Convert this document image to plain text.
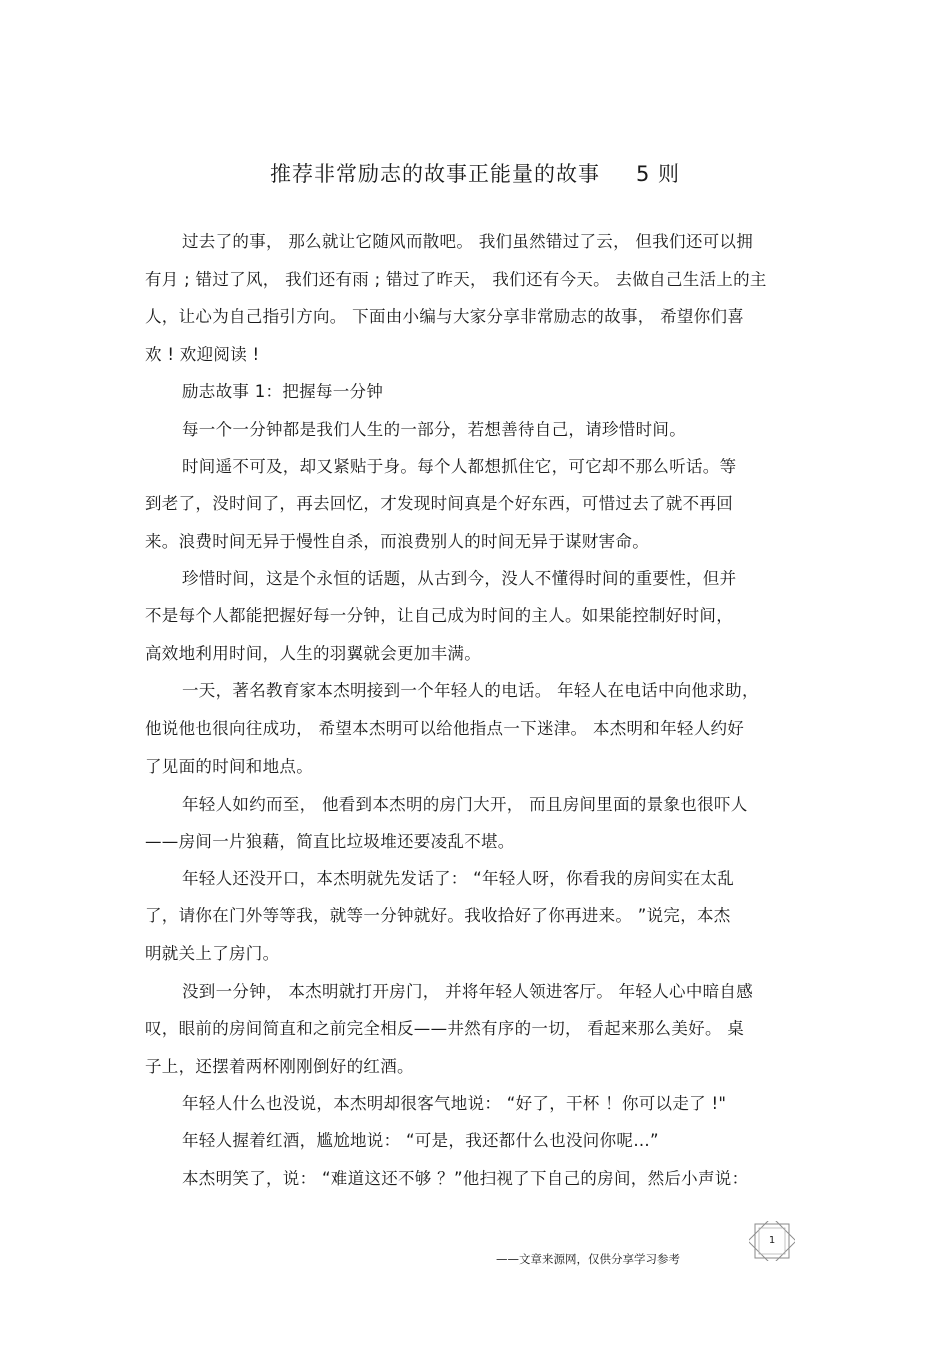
推荐非常励志的故事正能量的故事 5 则
过去了的事， 那么就让它随风而散吧。 我们虽然错过了云， 但我们还可以拥
有月 ; 错过了风， 我们还有雨 ; 错过了昨天， 我们还有今天。 去做自己生活上的主
人，让心为自己指引方向。 下面由小编与大家分享非常励志的故事， 希望你们喜
欢 ! 欢迎阅读 !
励志故事 1：把握每一分钟
每一个一分钟都是我们人生的一部分，若想善待自己，请珍惜时间。
时间遥不可及，却又紧贴于身。每个人都想抓住它，可它却不那么听话。等
到老了，没时间了，再去回忆，才发现时间真是个好东西，可惜过去了就不再回
来。浪费时间无异于慢性自杀，而浪费别人的时间无异于谋财害命。
珍惜时间，这是个永恒的话题，从古到今，没人不懂得时间的重要性，但并
不是每个人都能把握好每一分钟，让自己成为时间的主人。如果能控制好时间，
高效地利用时间，人生的羽翼就会更加丰满。
一天，著名教育家本杰明接到一个年轻人的电话。 年轻人在电话中向他求助，
他说他也很向往成功， 希望本杰明可以给他指点一下迷津。 本杰明和年轻人约好
了见面的时间和地点。
年轻人如约而至， 他看到本杰明的房门大开， 而且房间里面的景象也很吓人
——房间一片狼藉，简直比垃圾堆还要凌乱不堪。
年轻人还没开口，本杰明就先发话了： “年轻人呀，你看我的房间实在太乱
了，请你在门外等等我，就等一分钟就好。我收拾好了你再进来。 ”说完，本杰
明就关上了房门。
没到一分钟， 本杰明就打开房门， 并将年轻人领进客厅。 年轻人心中暗自感
叹，眼前的房间简直和之前完全相反——井然有序的一切， 看起来那么美好。 桌
子上，还摆着两杯刚刚倒好的红酒。
年轻人什么也没说，本杰明却很客气地说： “好了，干杯 ！你可以走了 !"
年轻人握着红酒，尴尬地说： “可是，我还都什么也没问你呢…”
本杰明笑了，说： “难道这还不够 ？”他扫视了下自己的房间，然后小声说：
——文章来源网，仅供分享学习参考
1
